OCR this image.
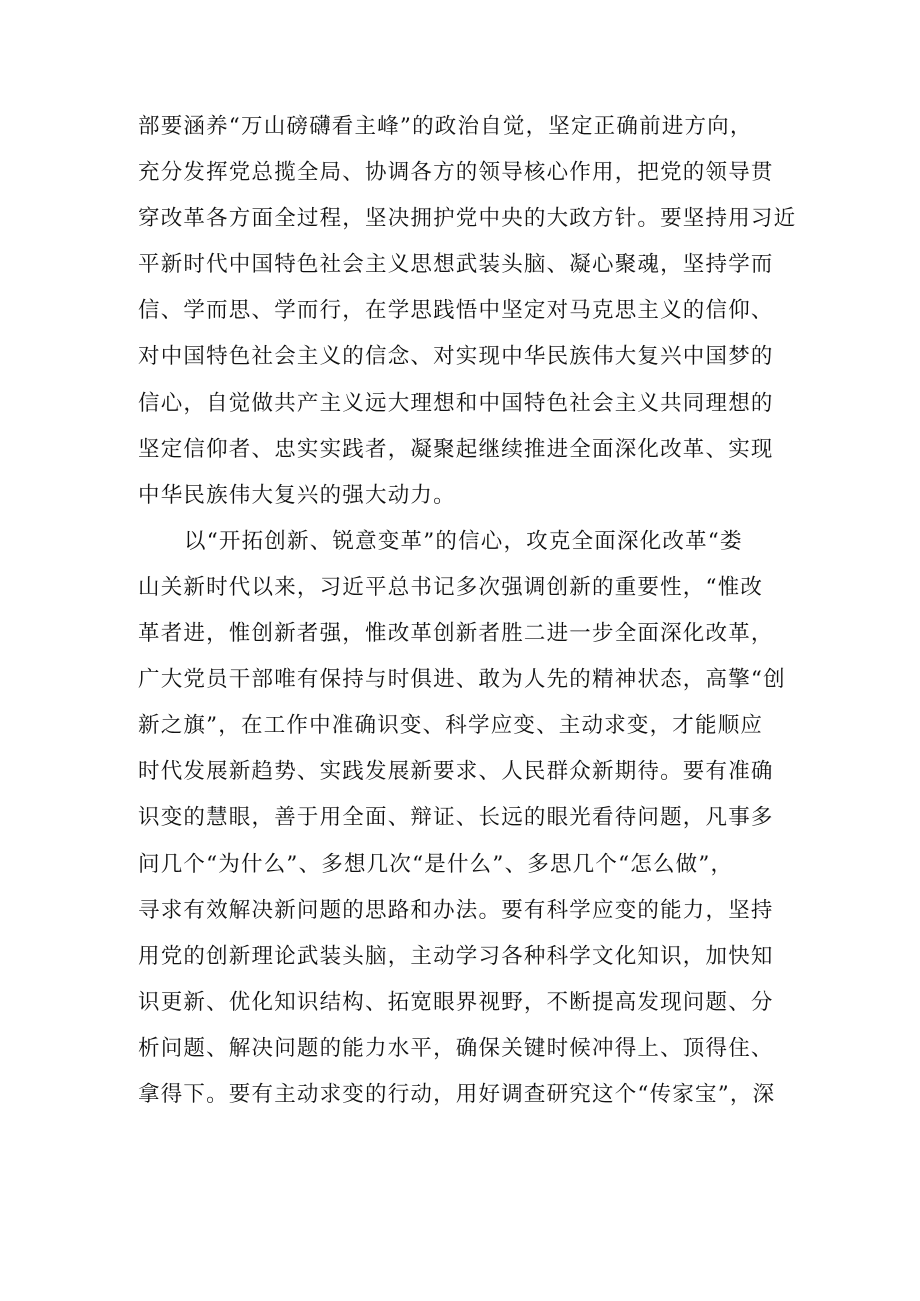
部要涵养“万山磅礴看主峰”的政治自觉，坚定正确前进方向，
充分发挥党总揽全局、协调各方的领导核心作用，把党的领导贯
穿改革各方面全过程，坚决拥护党中央的大政方针。要坚持用习近
平新时代中国特色社会主义思想武装头脑、凝心聚魂，坚持学而
信、学而思、学而行，在学思践悟中坚定对马克思主义的信仰、
对中国特色社会主义的信念、对实现中华民族伟大复兴中国梦的
信心，自觉做共产主义远大理想和中国特色社会主义共同理想的
坚定信仰者、忠实实践者，凝聚起继续推进全面深化改革、实现
中华民族伟大复兴的强大动力。
以“开拓创新、锐意变革”的信心，攻克全面深化改革“娄
山关新时代以来，习近平总书记多次强调创新的重要性，“惟改
革者进，惟创新者强，惟改革创新者胜二进一步全面深化改革，
广大党员干部唯有保持与时俱进、敢为人先的精神状态，高擎“创
新之旗”，在工作中准确识变、科学应变、主动求变，才能顺应
时代发展新趋势、实践发展新要求、人民群众新期待。要有准确
识变的慧眼，善于用全面、辩证、长远的眼光看待问题，凡事多
问几个“为什么”、多想几次“是什么”、多思几个“怎么做”，
寻求有效解决新问题的思路和办法。要有科学应变的能力，坚持
用党的创新理论武装头脑，主动学习各种科学文化知识，加快知
识更新、优化知识结构、拓宽眼界视野，不断提高发现问题、分
析问题、解决问题的能力水平，确保关键时候冲得上、顶得住、
拿得下。要有主动求变的行动，用好调查研究这个“传家宝”，深
